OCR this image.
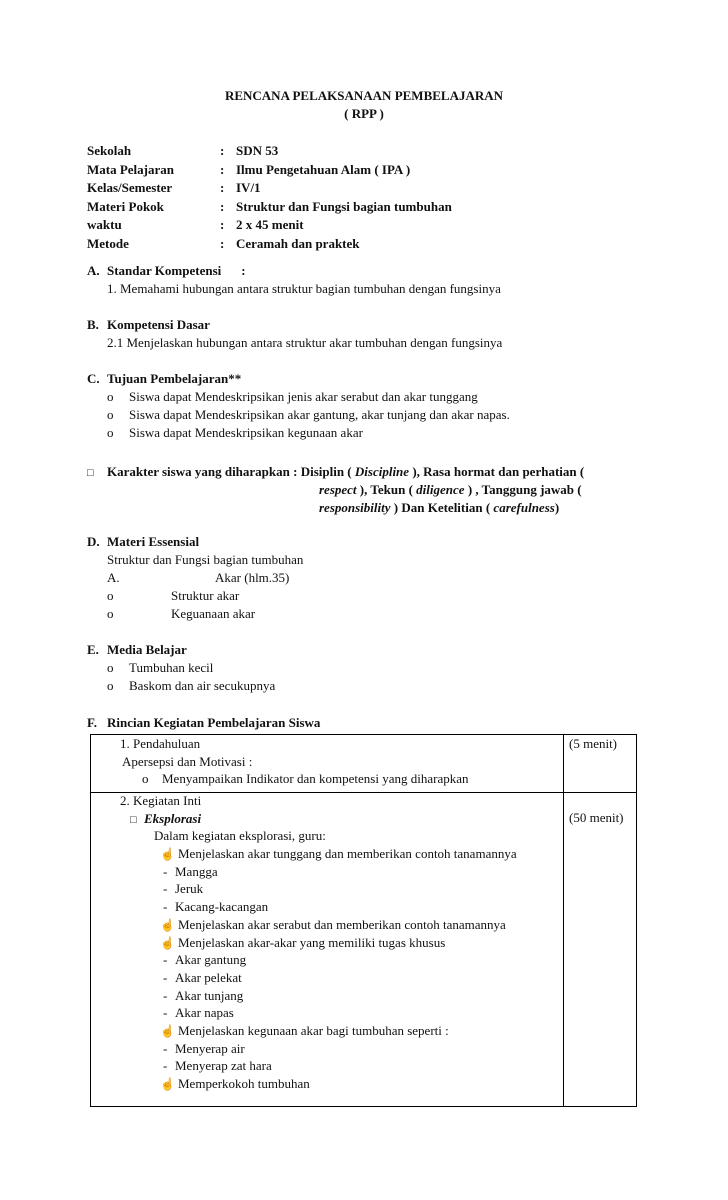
RENCANA PELAKSANAAN PEMBELAJARAN
( RPP )
Sekolah	: SDN 53
Mata Pelajaran	: Ilmu Pengetahuan Alam ( IPA )
Kelas/Semester	: IV/1
Materi Pokok	: Struktur dan Fungsi bagian tumbuhan
waktu	: 2 x 45 menit
Metode	: Ceramah dan praktek
A. Standar Kompetensi :
1. Memahami hubungan antara struktur bagian tumbuhan dengan fungsinya
B. Kompetensi Dasar
2.1 Menjelaskan hubungan antara struktur akar tumbuhan dengan fungsinya
C. Tujuan Pembelajaran**
o Siswa dapat Mendeskripsikan jenis akar serabut dan akar tunggang
o Siswa dapat Mendeskripsikan akar gantung, akar tunjang dan akar napas.
o Siswa dapat Mendeskripsikan kegunaan akar
□ Karakter siswa yang diharapkan : Disiplin ( Discipline ), Rasa hormat dan perhatian (
respect ), Tekun ( diligence ) , Tanggung jawab (
responsibility ) Dan Ketelitian ( carefulness)
D. Materi Essensial
Struktur dan Fungsi bagian tumbuhan
A.	Akar (hlm.35)
o	Struktur akar
o	Keguanaan akar
E. Media Belajar
o Tumbuhan kecil
o Baskom dan air secukupnya
F. Rincian Kegiatan Pembelajaran Siswa
1. Pendahuluan
Apersepsi dan Motivasi :
o Menyampaikan Indikator dan kompetensi yang diharapkan
(5 menit)
2. Kegiatan Inti
□ Eksplorasi
Dalam kegiatan eksplorasi, guru:
☝ Menjelaskan akar tunggang dan memberikan contoh tanamannya
- Mangga
- Jeruk
- Kacang-kacangan
☝ Menjelaskan akar serabut dan memberikan contoh tanamannya
☝ Menjelaskan akar-akar yang memiliki tugas khusus
- Akar gantung
- Akar pelekat
- Akar tunjang
- Akar napas
☝ Menjelaskan kegunaan akar bagi tumbuhan seperti :
- Menyerap air
- Menyerap zat hara
☝ Memperkokoh tumbuhan
(50 menit)
